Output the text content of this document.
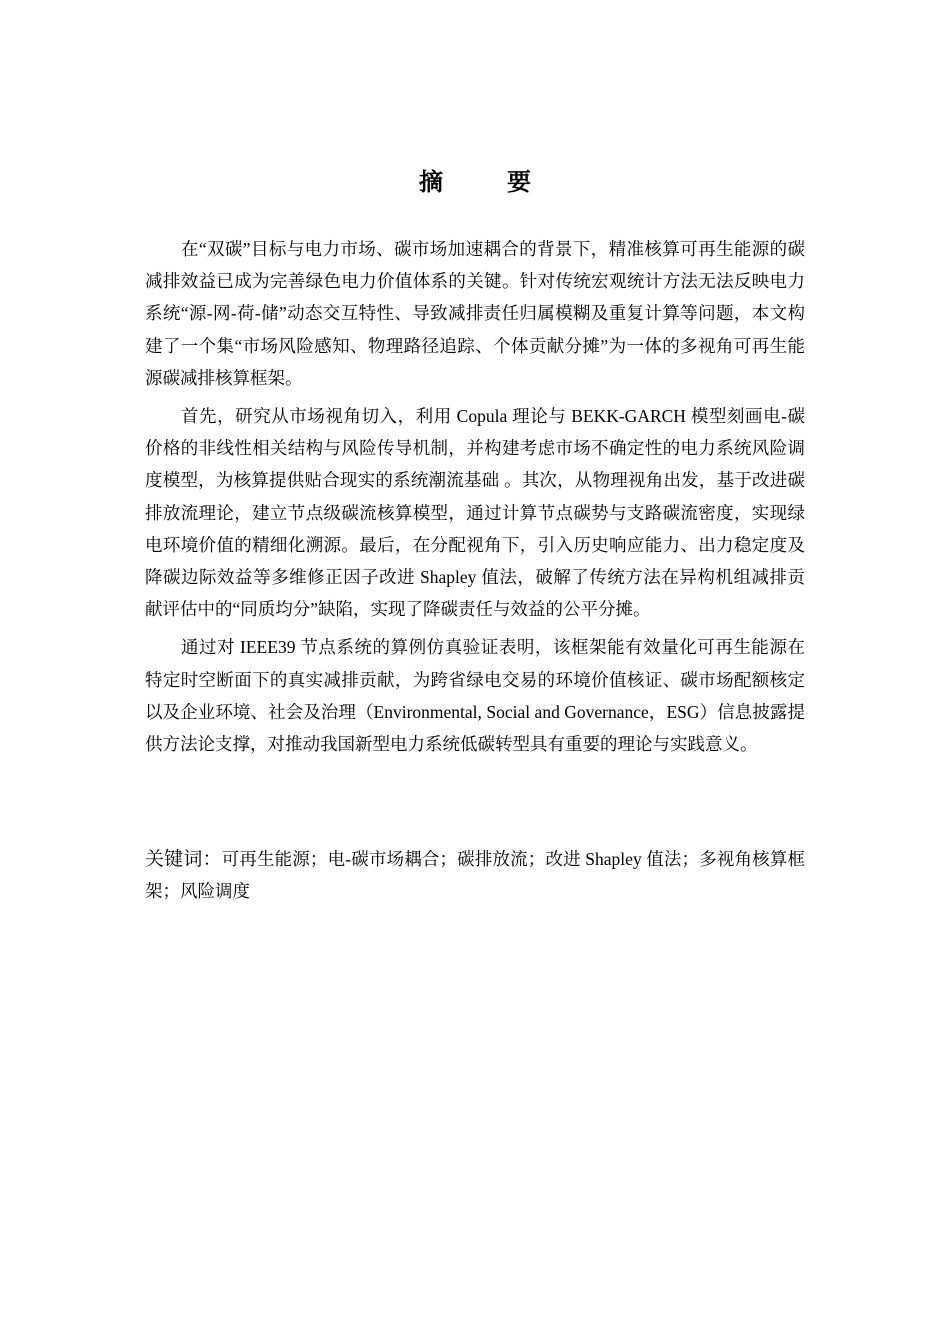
摘　要

在“双碳”目标与电力市场、碳市场加速耦合的背景下，精准核算可再生能源的碳减排效益已成为完善绿色电力价值体系的关键。针对传统宏观统计方法无法反映电力系统“源-网-荷-储”动态交互特性、导致减排责任归属模糊及重复计算等问题，本文构建了一个集“市场风险感知、物理路径追踪、个体贡献分摊”为一体的多视角可再生能源碳减排核算框架。

首先，研究从市场视角切入，利用 Copula 理论与 BEKK-GARCH 模型刻画电-碳价格的非线性相关结构与风险传导机制，并构建考虑市场不确定性的电力系统风险调度模型，为核算提供贴合现实的系统潮流基础 。其次，从物理视角出发，基于改进碳排放流理论，建立节点级碳流核算模型，通过计算节点碳势与支路碳流密度，实现绿电环境价值的精细化溯源。最后，在分配视角下，引入历史响应能力、出力稳定度及降碳边际效益等多维修正因子改进 Shapley 值法，破解了传统方法在异构机组减排贡献评估中的“同质均分”缺陷，实现了降碳责任与效益的公平分摊。

通过对 IEEE39 节点系统的算例仿真验证表明，该框架能有效量化可再生能源在特定时空断面下的真实减排贡献，为跨省绿电交易的环境价值核证、碳市场配额核定以及企业环境、社会及治理（Environmental, Social and Governance，ESG）信息披露提供方法论支撑，对推动我国新型电力系统低碳转型具有重要的理论与实践意义。

关键词：可再生能源；电-碳市场耦合；碳排放流；改进 Shapley 值法；多视角核算框架；风险调度
